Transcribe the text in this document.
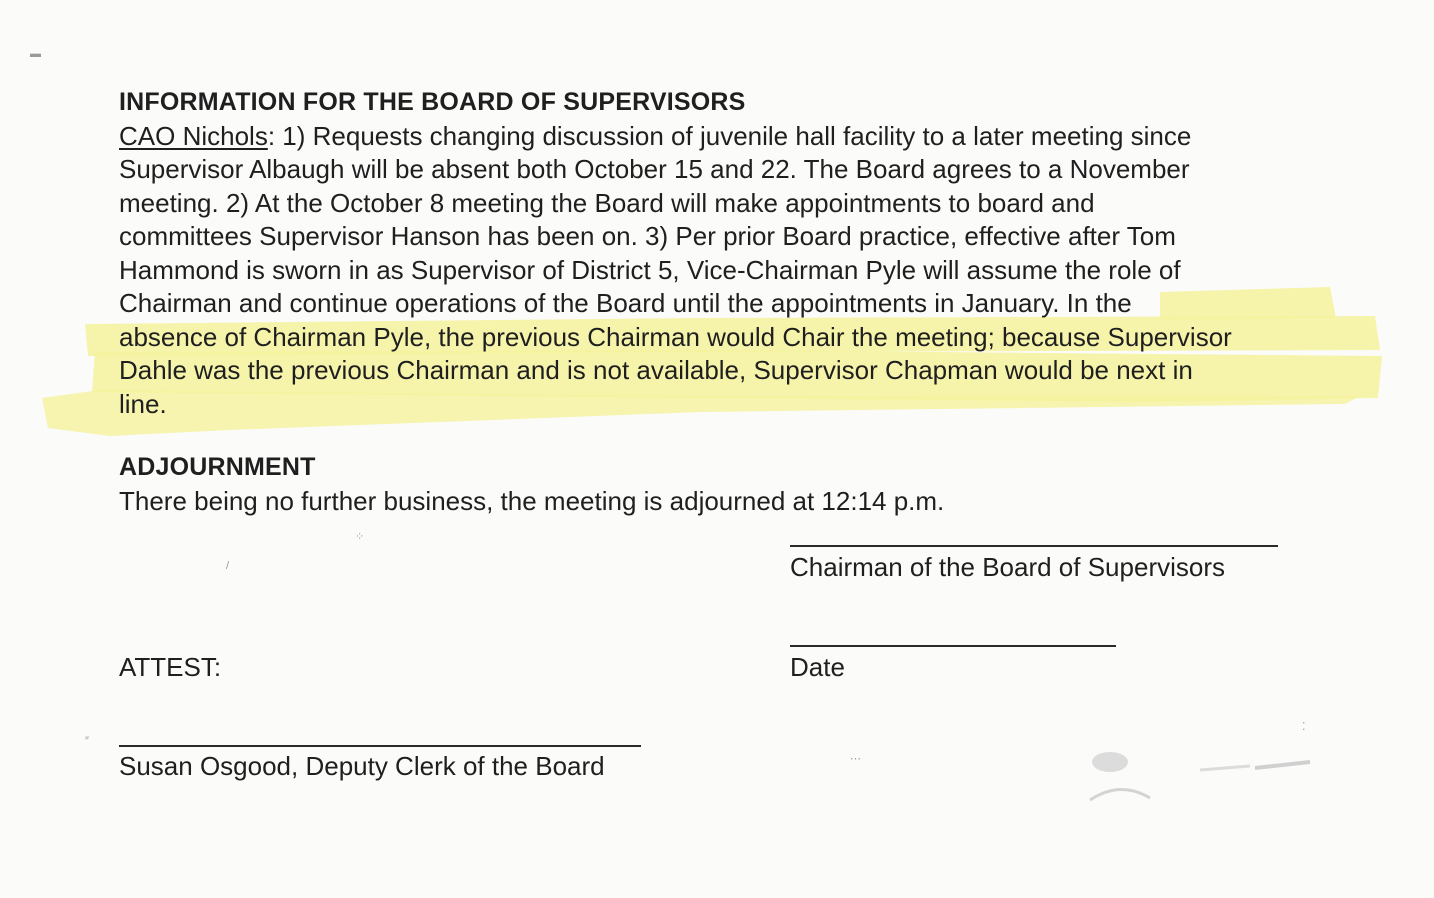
INFORMATION FOR THE BOARD OF SUPERVISORS
CAO Nichols: 1) Requests changing discussion of juvenile hall facility to a later meeting since
Supervisor Albaugh will be absent both October 15 and 22. The Board agrees to a November
meeting. 2) At the October 8 meeting the Board will make appointments to board and
committees Supervisor Hanson has been on. 3) Per prior Board practice, effective after Tom
Hammond is sworn in as Supervisor of District 5, Vice-Chairman Pyle will assume the role of
Chairman and continue operations of the Board until the appointments in January. In the
absence of Chairman Pyle, the previous Chairman would Chair the meeting; because Supervisor
Dahle was the previous Chairman and is not available, Supervisor Chapman would be next in
line.
ADJOURNMENT
There being no further business, the meeting is adjourned at 12:14 p.m.
Chairman of the Board of Supervisors
Date
ATTEST:
Susan Osgood, Deputy Clerk of the Board
▬
⁘
/
″
⋯
⁚
